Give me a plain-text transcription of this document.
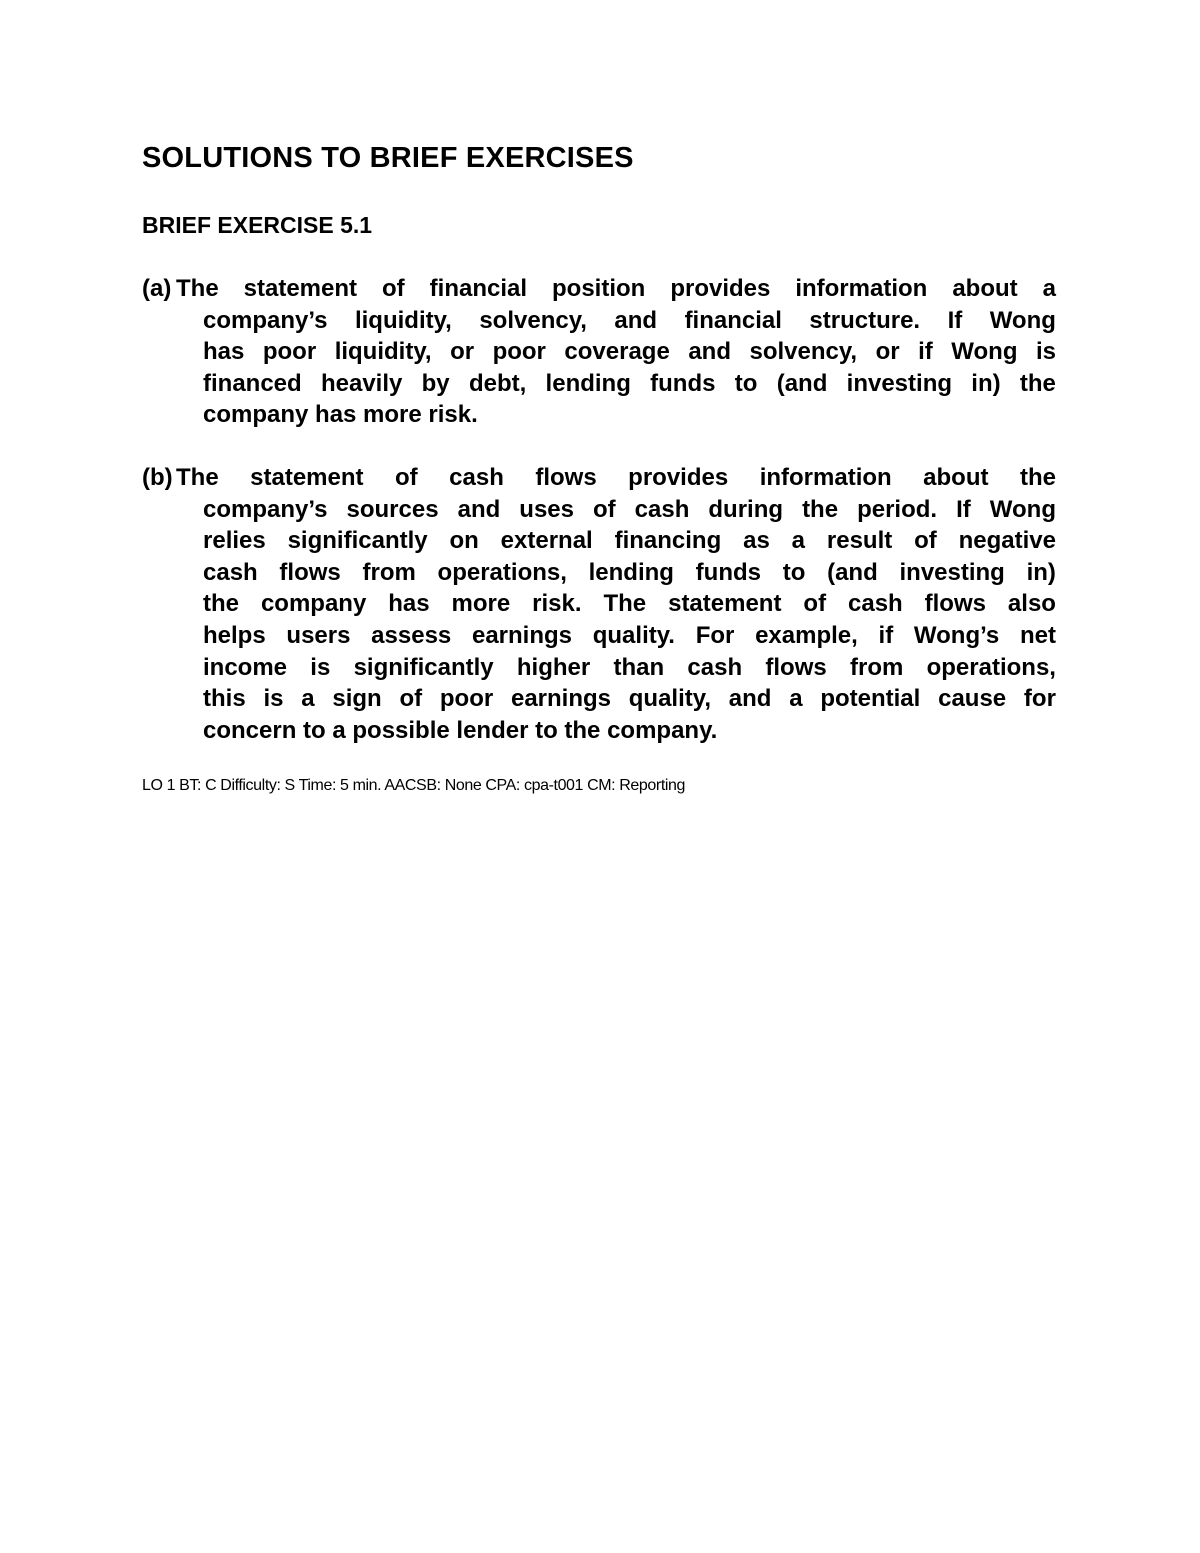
SOLUTIONS TO BRIEF EXERCISES
BRIEF EXERCISE 5.1
(a) The statement of financial position provides information about a
company’s liquidity, solvency, and financial structure. If Wong
has poor liquidity, or poor coverage and solvency, or if Wong is
financed heavily by debt, lending funds to (and investing in) the
company has more risk.
(b) The statement of cash flows provides information about the
company’s sources and uses of cash during the period. If Wong
relies significantly on external financing as a result of negative
cash flows from operations, lending funds to (and investing in)
the company has more risk. The statement of cash flows also
helps users assess earnings quality. For example, if Wong’s net
income is significantly higher than cash flows from operations,
this is a sign of poor earnings quality, and a potential cause for
concern to a possible lender to the company.
LO 1 BT: C Difficulty: S Time: 5 min. AACSB: None CPA: cpa-t001 CM: Reporting
